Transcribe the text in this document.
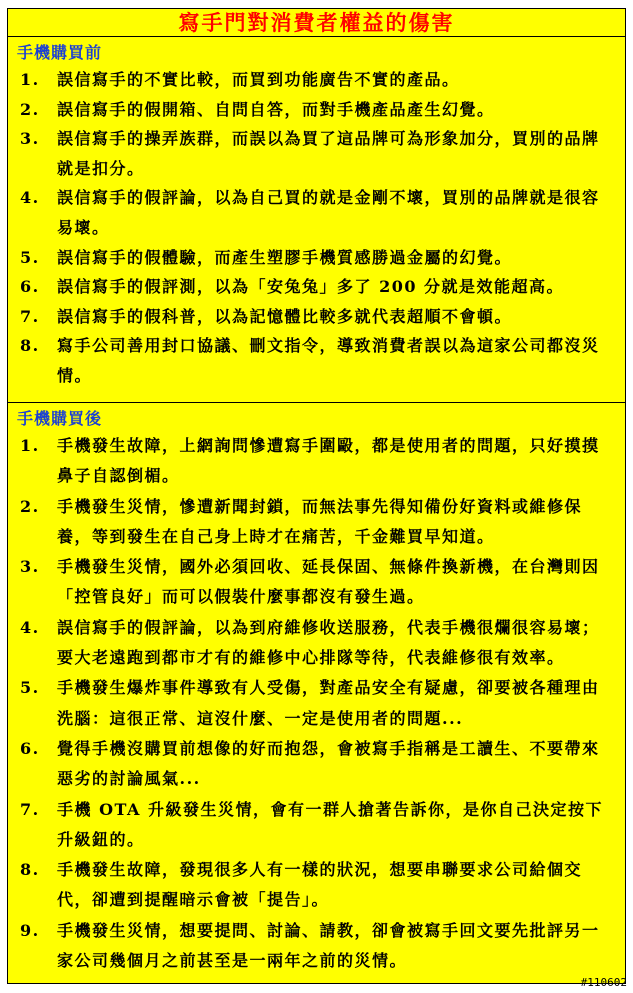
寫手門對消費者權益的傷害
手機購買前
1. 誤信寫手的不實比較，而買到功能廣告不實的產品。
2. 誤信寫手的假開箱、自問自答，而對手機產品產生幻覺。
3. 誤信寫手的操弄族群，而誤以為買了這品牌可為形象加分，買別的品牌就是扣分。
4. 誤信寫手的假評論，以為自己買的就是金剛不壞，買別的品牌就是很容易壞。
5. 誤信寫手的假體驗，而產生塑膠手機質感勝過金屬的幻覺。
6. 誤信寫手的假評測，以為「安兔兔」多了 200 分就是效能超高。
7. 誤信寫手的假科普，以為記憶體比較多就代表超順不會頓。
8. 寫手公司善用封口協議、刪文指令，導致消費者誤以為這家公司都沒災情。
手機購買後
1. 手機發生故障，上網詢問慘遭寫手圍毆，都是使用者的問題，只好摸摸鼻子自認倒楣。
2. 手機發生災情，慘遭新聞封鎖，而無法事先得知備份好資料或維修保養，等到發生在自己身上時才在痛苦，千金難買早知道。
3. 手機發生災情，國外必須回收、延長保固、無條件換新機，在台灣則因「控管良好」而可以假裝什麼事都沒有發生過。
4. 誤信寫手的假評論，以為到府維修收送服務，代表手機很爛很容易壞；要大老遠跑到都市才有的維修中心排隊等待，代表維修很有效率。
5. 手機發生爆炸事件導致有人受傷，對產品安全有疑慮，卻要被各種理由洗腦：這很正常、這沒什麼、一定是使用者的問題...
6. 覺得手機沒購買前想像的好而抱怨，會被寫手指稱是工讀生、不要帶來惡劣的討論風氣...
7. 手機 OTA 升級發生災情，會有一群人搶著告訴你，是你自己決定按下升級鈕的。
8. 手機發生故障，發現很多人有一樣的狀況，想要串聯要求公司給個交代，卻遭到提醒暗示會被「提告」。
9. 手機發生災情，想要提問、討論、請教，卻會被寫手回文要先批評另一家公司幾個月之前甚至是一兩年之前的災情。
#110602
